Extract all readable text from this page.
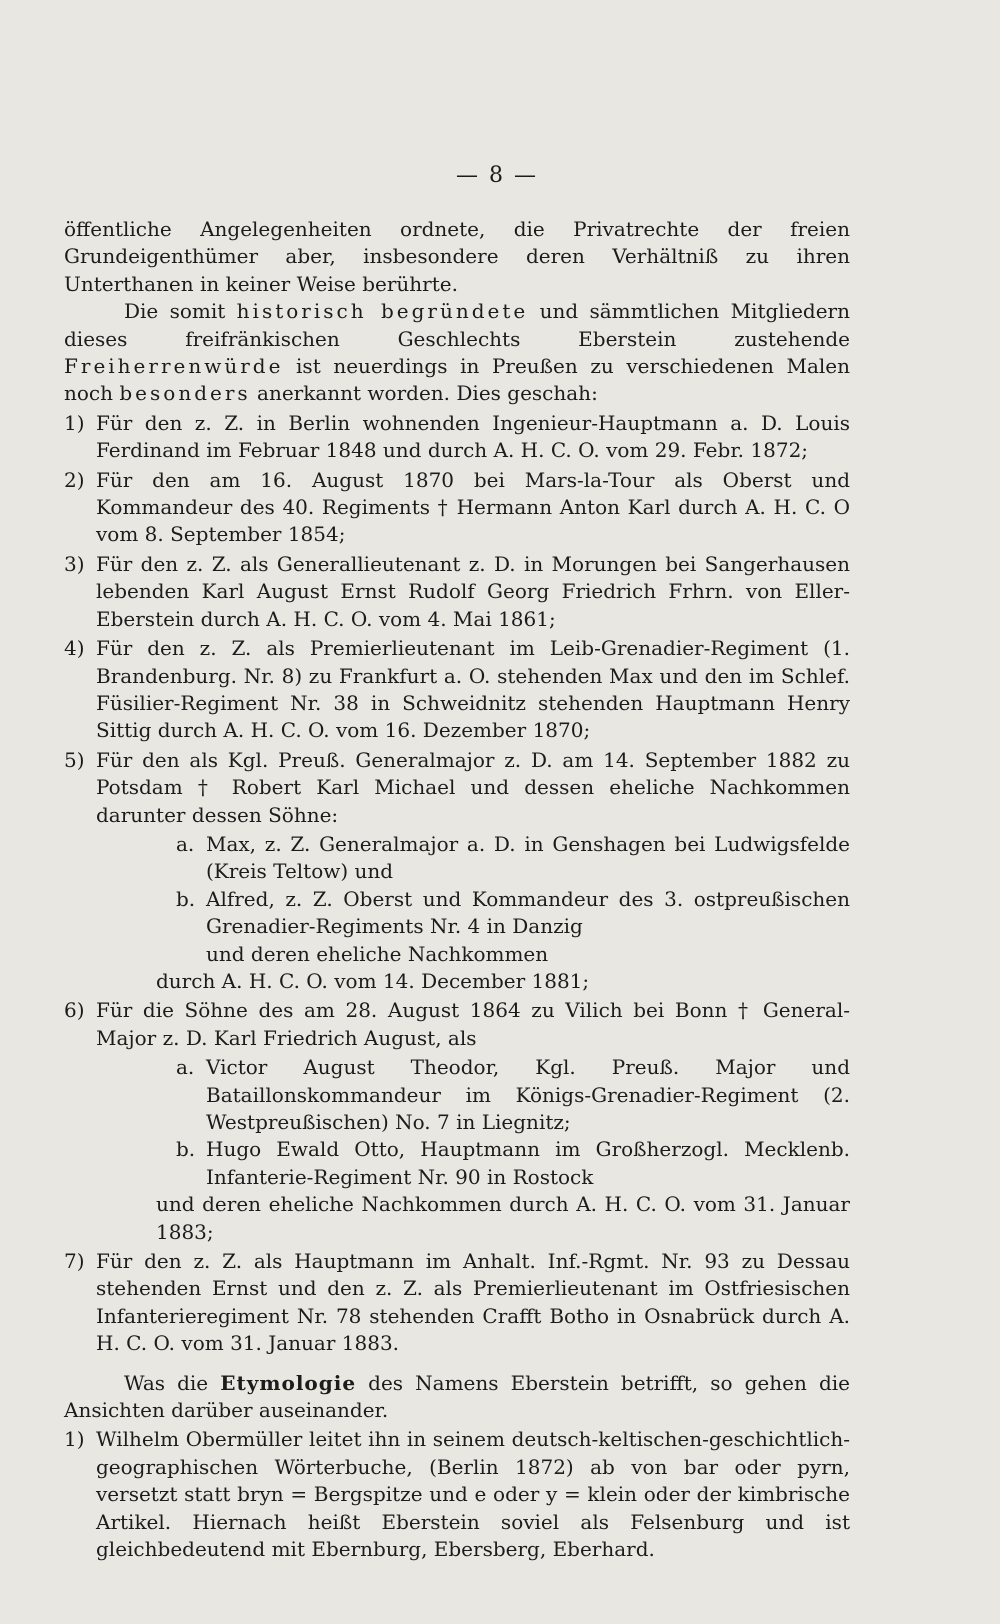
— 8 —

öffentliche Angelegenheiten ordnete, die Privatrechte der freien Grundeigenthümer aber, insbesondere deren Verhältniß zu ihren Unterthanen in keiner Weise berührte.

Die somit historisch begründete und sämmtlichen Mitgliedern dieses freifränkischen Geschlechts Eberstein zustehende Freiherrenwürde ist neuerdings in Preußen zu verschiedenen Malen noch besonders anerkannt worden. Dies geschah:

1) Für den z. Z. in Berlin wohnenden Ingenieur-Hauptmann a. D. Louis Ferdinand im Februar 1848 und durch A. H. C. O. vom 29. Febr. 1872;
2) Für den am 16. August 1870 bei Mars-la-Tour als Oberst und Kommandeur des 40. Regiments † Hermann Anton Karl durch A. H. C. O vom 8. September 1854;
3) Für den z. Z. als Generallieutenant z. D. in Morungen bei Sangerhausen lebenden Karl August Ernst Rudolf Georg Friedrich Frhrn. von Eller-Eberstein durch A. H. C. O. vom 4. Mai 1861;
4) Für den z. Z. als Premierlieutenant im Leib-Grenadier-Regiment (1. Brandenburg. Nr. 8) zu Frankfurt a. O. stehenden Max und den im Schlef. Füsilier-Regiment Nr. 38 in Schweidnitz stehenden Hauptmann Henry Sittig durch A. H. C. O. vom 16. Dezember 1870;
5) Für den als Kgl. Preuß. Generalmajor z. D. am 14. September 1882 zu Potsdam † Robert Karl Michael und dessen eheliche Nachkommen darunter dessen Söhne:
a. Max, z. Z. Generalmajor a. D. in Genshagen bei Ludwigsfelde (Kreis Teltow) und
b. Alfred, z. Z. Oberst und Kommandeur des 3. ostpreußischen Grenadier-Regiments Nr. 4 in Danzig

und deren eheliche Nachkommen

durch A. H. C. O. vom 14. December 1881;

6) Für die Söhne des am 28. August 1864 zu Vilich bei Bonn † General-Major z. D. Karl Friedrich August, als
a. Victor August Theodor, Kgl. Preuß. Major und Bataillonskommandeur im Königs-Grenadier-Regiment (2. Westpreußischen) No. 7 in Liegnitz;
b. Hugo Ewald Otto, Hauptmann im Großherzogl. Mecklenb. Infanterie-Regiment Nr. 90 in Rostock

und deren eheliche Nachkommen durch A. H. C. O. vom 31. Januar 1883;

7) Für den z. Z. als Hauptmann im Anhalt. Inf.-Rgmt. Nr. 93 zu Dessau stehenden Ernst und den z. Z. als Premierlieutenant im Ostfriesischen Infanterieregiment Nr. 78 stehenden Crafft Botho in Osnabrück durch A. H. C. O. vom 31. Januar 1883.

Was die Etymologie des Namens Eberstein betrifft, so gehen die Ansichten darüber auseinander.

1) Wilhelm Obermüller leitet ihn in seinem deutsch-keltischen-geschichtlich-geographischen Wörterbuche, (Berlin 1872) ab von bar oder pyrn, versetzt statt bryn = Bergspitze und e oder y = klein oder der kimbrische Artikel. Hiernach heißt Eberstein soviel als Felsenburg und ist gleichbedeutend mit Ebernburg, Ebersberg, Eberhard.
